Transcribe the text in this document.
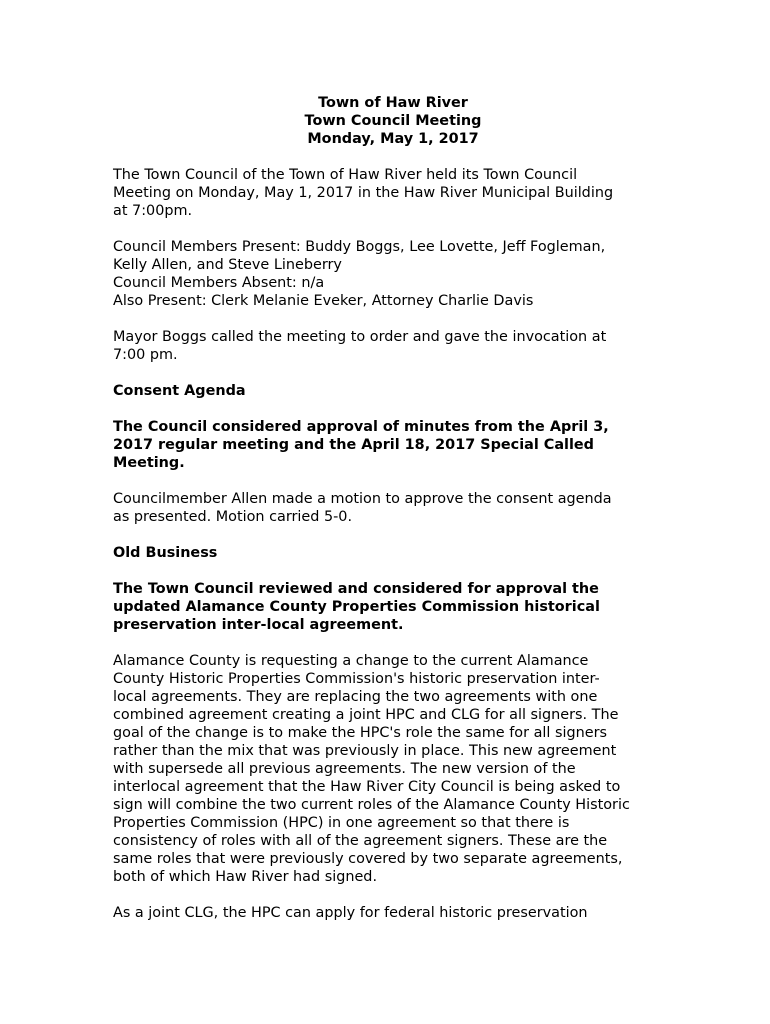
Town of Haw River
Town Council Meeting
Monday, May 1, 2017

The Town Council of the Town of Haw River held its Town Council
Meeting on Monday, May 1, 2017 in the Haw River Municipal Building
at 7:00pm.

Council Members Present: Buddy Boggs, Lee Lovette, Jeff Fogleman,
Kelly Allen, and Steve Lineberry
Council Members Absent: n/a
Also Present: Clerk Melanie Eveker, Attorney Charlie Davis

Mayor Boggs called the meeting to order and gave the invocation at
7:00 pm.

Consent Agenda

The Council considered approval of minutes from the April 3,
2017 regular meeting and the April 18, 2017 Special Called
Meeting.

Councilmember Allen made a motion to approve the consent agenda
as presented. Motion carried 5-0.

Old Business

The Town Council reviewed and considered for approval the
updated Alamance County Properties Commission historical
preservation inter-local agreement.

Alamance County is requesting a change to the current Alamance
County Historic Properties Commission's historic preservation inter-
local agreements. They are replacing the two agreements with one
combined agreement creating a joint HPC and CLG for all signers. The
goal of the change is to make the HPC's role the same for all signers
rather than the mix that was previously in place. This new agreement
with supersede all previous agreements. The new version of the
interlocal agreement that the Haw River City Council is being asked to
sign will combine the two current roles of the Alamance County Historic
Properties Commission (HPC) in one agreement so that there is
consistency of roles with all of the agreement signers. These are the
same roles that were previously covered by two separate agreements,
both of which Haw River had signed.

As a joint CLG, the HPC can apply for federal historic preservation
